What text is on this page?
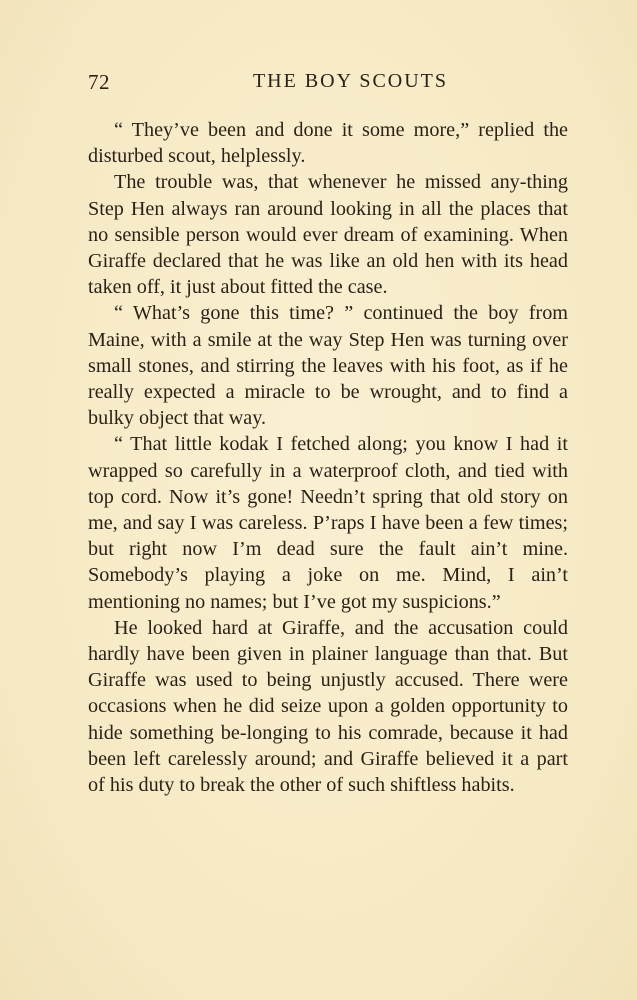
72	THE BOY SCOUTS

“ They’ve been and done it some more,” replied the disturbed scout, helplessly.

The trouble was, that whenever he missed any-thing Step Hen always ran around looking in all the places that no sensible person would ever dream of examining. When Giraffe declared that he was like an old hen with its head taken off, it just about fitted the case.

“ What’s gone this time? ” continued the boy from Maine, with a smile at the way Step Hen was turning over small stones, and stirring the leaves with his foot, as if he really expected a miracle to be wrought, and to find a bulky object that way.

“ That little kodak I fetched along; you know I had it wrapped so carefully in a waterproof cloth, and tied with top cord. Now it’s gone! Needn’t spring that old story on me, and say I was careless. P’raps I have been a few times; but right now I’m dead sure the fault ain’t mine. Somebody’s playing a joke on me. Mind, I ain’t mentioning no names; but I’ve got my suspicions.”

He looked hard at Giraffe, and the accusation could hardly have been given in plainer language than that. But Giraffe was used to being unjustly accused. There were occasions when he did seize upon a golden opportunity to hide something be-longing to his comrade, because it had been left carelessly around; and Giraffe believed it a part of his duty to break the other of such shiftless habits.
